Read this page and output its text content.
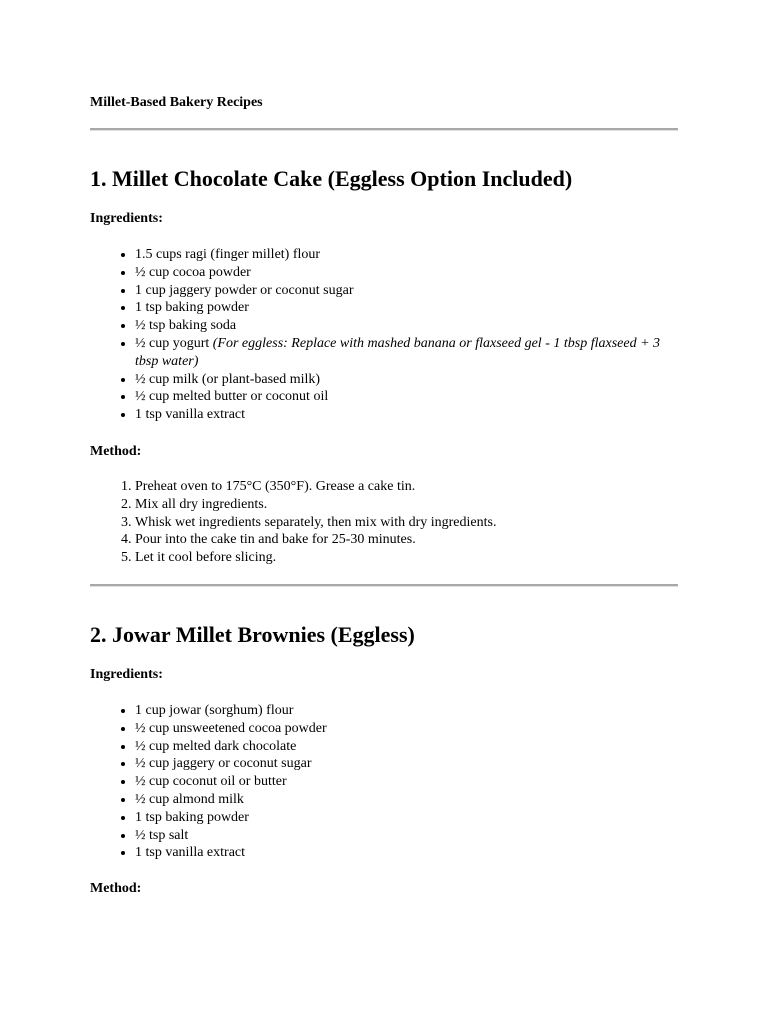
Millet-Based Bakery Recipes

1. Millet Chocolate Cake (Eggless Option Included)

Ingredients:

• 1.5 cups ragi (finger millet) flour
• ½ cup cocoa powder
• 1 cup jaggery powder or coconut sugar
• 1 tsp baking powder
• ½ tsp baking soda
• ½ cup yogurt (For eggless: Replace with mashed banana or flaxseed gel - 1 tbsp flaxseed + 3 tbsp water)
• ½ cup milk (or plant-based milk)
• ½ cup melted butter or coconut oil
• 1 tsp vanilla extract

Method:

1. Preheat oven to 175°C (350°F). Grease a cake tin.
2. Mix all dry ingredients.
3. Whisk wet ingredients separately, then mix with dry ingredients.
4. Pour into the cake tin and bake for 25-30 minutes.
5. Let it cool before slicing.
2. Jowar Millet Brownies (Eggless)

Ingredients:

• 1 cup jowar (sorghum) flour
• ½ cup unsweetened cocoa powder
• ½ cup melted dark chocolate
• ½ cup jaggery or coconut sugar
• ½ cup coconut oil or butter
• ½ cup almond milk
• 1 tsp baking powder
• ½ tsp salt
• 1 tsp vanilla extract

Method:
